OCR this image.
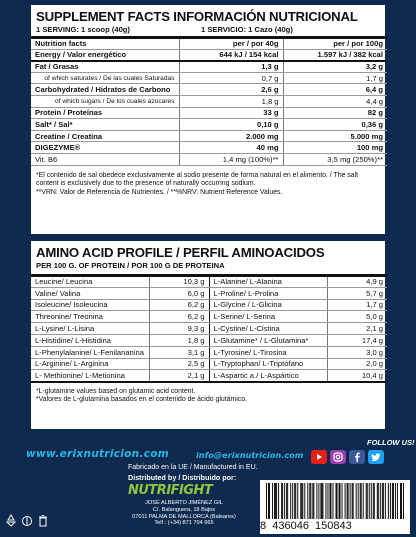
SUPPLEMENT FACTS INFORMACIÓN NUTRICIONAL
1 SERVING: 1 scoop (40g)	1 SERVICIO: 1 Cazo (40g)
Nutrition facts	per / por 40g	per / por 100g
Energy / Valor energético	644 kJ / 154 kcal	1.597 kJ / 382 kcal
Fat / Grasas	1,3 g	3,2 g
of which saturates / De las cuales Saturadas	0,7 g	1,7 g
Carbohydrated / Hidratos de Carbono	2,6 g	6,4 g
of which sugars / De los cuales azúcares	1,8 g	4,4 g
Protein / Proteínas	33 g	82 g
Salt* / Sal*	0,10 g	0,36 g
Creatine / Creatina	2.000 mg	5.000 mg
DIGEZYME®	40 mg	100 mg
Vit. B6	1,4 mg (100%)**	3,5 mg (250%)**
*El contenido de sal obedece exclusivamente al sodio presente de forma natural en el alimento. / The salt content is exclusively due to the presence of naturally occurring sodium.
**VRN: Valor de Referencia de Nutrientes. / **%NRV: Nutrient Reference Values.
AMINO ACID PROFILE / PERFIL AMINOACIDOS
PER 100 G. OF PROTEIN / POR 100 G DE PROTEINA
Leucine/ Leucina	10,3 g	L-Alanine/ L-Alanina	4,9 g
Valine/ Valina	6,0 g	L-Proline/ L-Prolina	5,7 g
Isoleucine/ Isoleucina	6,2 g	L-Glycine / L-Glicina	1,7 g
Threonine/ Treonina	6,2 g	L-Serine/ L-Serina	5,0 g
L-Lysine/ L-Lisina	9,3 g	L-Cystine/ L-Cistina	2,1 g
L-Histidine/ L-Histidina	1,8 g	L-Glutamine* / L-Glutamina*	17,4 g
L-Phenylalanine/ L-Fenilananina	3,1 g	L-Tyrosine/ L-Tirosina	3,0 g
L-Arginine/ L-Arginina	2,5 g	L-Tryptophan/ L-Triptófano	2,0 g
L- Methionine/ L-Metionina	2,1 g	L-Aspartic a./ L-Aspártico	10,4 g
*L-glutamine values based on glutamic acid content.
*Valores de L-glutamina basados en el contenido de ácido glutámico.
www.erixnutricion.com	info@erixnutricion.com
FOLLOW US!
Fabricado en la UE / Manufactured in EU.
Distributed by / Distribuido por:
NUTRIFIGHT
JOSÉ ALBERTO JIMÉNEZ GIL
C/. Balanguera, 18 Bajos
07011 PALMA DE MALLORCA (Baleares)
Telf.: (+34) 871 704 965	8  436046  150843
